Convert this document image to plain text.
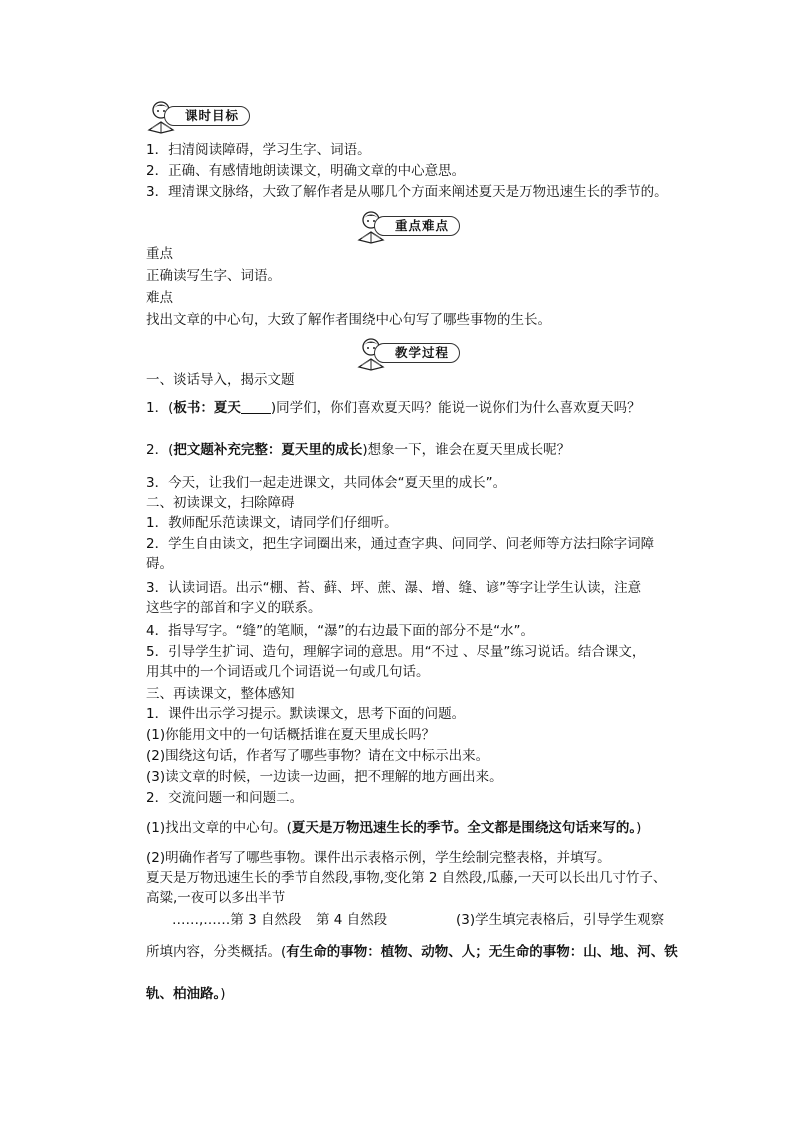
课时目标
1．扫清阅读障碍，学习生字、词语。
2．正确、有感情地朗读课文，明确文章的中心意思。
3．理清课文脉络，大致了解作者是从哪几个方面来阐述夏天是万物迅速生长的季节的。
重点难点
重点
正确读写生字、词语。
难点
找出文章的中心句，大致了解作者围绕中心句写了哪些事物的生长。
教学过程
一、谈话导入，揭示文题
1．(板书：夏天 )同学们，你们喜欢夏天吗？能说一说你们为什么喜欢夏天吗？
2．(把文题补充完整：夏天里的成长)想象一下，谁会在夏天里成长呢？
3．今天，让我们一起走进课文，共同体会“夏天里的成长”。
二、初读课文，扫除障碍
1．教师配乐范读课文，请同学们仔细听。
2．学生自由读文，把生字词圈出来，通过查字典、问同学、问老师等方法扫除字词障
碍。
3．认读词语。出示“棚、苔、藓、坪、蔗、瀑、增、缝、谚”等字让学生认读，注意
这些字的部首和字义的联系。
4．指导写字。“缝”的笔顺，“瀑”的右边最下面的部分不是“水”。
5．引导学生扩词、造句，理解字词的意思。用“不过 、尽量”练习说话。结合课文，
用其中的一个词语或几个词语说一句或几句话。
三、再读课文，整体感知
1．课件出示学习提示。默读课文，思考下面的问题。
(1)你能用文中的一句话概括谁在夏天里成长吗？
(2)围绕这句话，作者写了哪些事物？请在文中标示出来。
(3)读文章的时候，一边读一边画，把不理解的地方画出来。
2．交流问题一和问题二。
(1)找出文章的中心句。(夏天是万物迅速生长的季节。全文都是围绕这句话来写的。)
(2)明确作者写了哪些事物。课件出示表格示例，学生绘制完整表格，并填写。
夏天是万物迅速生长的季节自然段,事物,变化第 2 自然段,瓜藤,一天可以长出几寸竹子、
高粱,一夜可以多出半节
……,……第 3 自然段 第 4 自然段	(3)学生填完表格后，引导学生观察
所填内容，分类概括。(有生命的事物：植物、动物、人；无生命的事物：山、地、河、铁
轨、柏油路。)
